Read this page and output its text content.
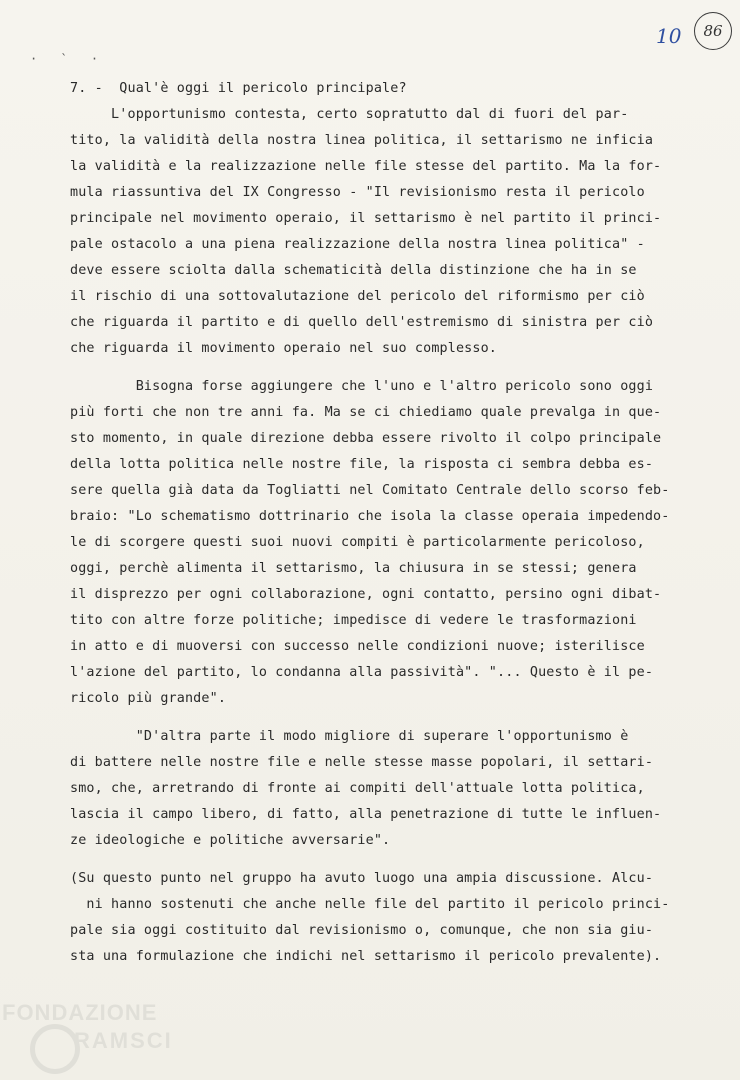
10	86
· ` ·
7. -  Qual'è oggi il pericolo principale?
L'opportunismo contesta, certo sopratutto dal di fuori del par-
tito, la validità della nostra linea politica, il settarismo ne inficia
la validità e la realizzazione nelle file stesse del partito. Ma la for-
mula riassuntiva del IX Congresso - "Il revisionismo resta il pericolo
principale nel movimento operaio, il settarismo è nel partito il princi-
pale ostacolo a una piena realizzazione della nostra linea politica" -
deve essere sciolta dalla schematicità della distinzione che ha in se
il rischio di una sottovalutazione del pericolo del riformismo per ciò
che riguarda il partito e di quello dell'estremismo di sinistra per ciò
che riguarda il movimento operaio nel suo complesso.
Bisogna forse aggiungere che l'uno e l'altro pericolo sono oggi
più forti che non tre anni fa. Ma se ci chiediamo quale prevalga in que-
sto momento, in quale direzione debba essere rivolto il colpo principale
della lotta politica nelle nostre file, la risposta ci sembra debba es-
sere quella già data da Togliatti nel Comitato Centrale dello scorso feb-
braio: "Lo schematismo dottrinario che isola la classe operaia impedendo-
le di scorgere questi suoi nuovi compiti è particolarmente pericoloso,
oggi, perchè alimenta il settarismo, la chiusura in se stessi; genera
il disprezzo per ogni collaborazione, ogni contatto, persino ogni dibat-
tito con altre forze politiche; impedisce di vedere le trasformazioni
in atto e di muoversi con successo nelle condizioni nuove; isterilisce
l'azione del partito, lo condanna alla passività". "... Questo è il pe-
ricolo più grande".
"D'altra parte il modo migliore di superare l'opportunismo è
di battere nelle nostre file e nelle stesse masse popolari, il settari-
smo, che, arretrando di fronte ai compiti dell'attuale lotta politica,
lascia il campo libero, di fatto, alla penetrazione di tutte le influen-
ze ideologiche e politiche avversarie".
(Su questo punto nel gruppo ha avuto luogo una ampia discussione. Alcu-
ni hanno sostenuti che anche nelle file del partito il pericolo princi-
pale sia oggi costituito dal revisionismo o, comunque, che non sia giu-
sta una formulazione che indichi nel settarismo il pericolo prevalente).
FONDAZIONE
RAMSCI
